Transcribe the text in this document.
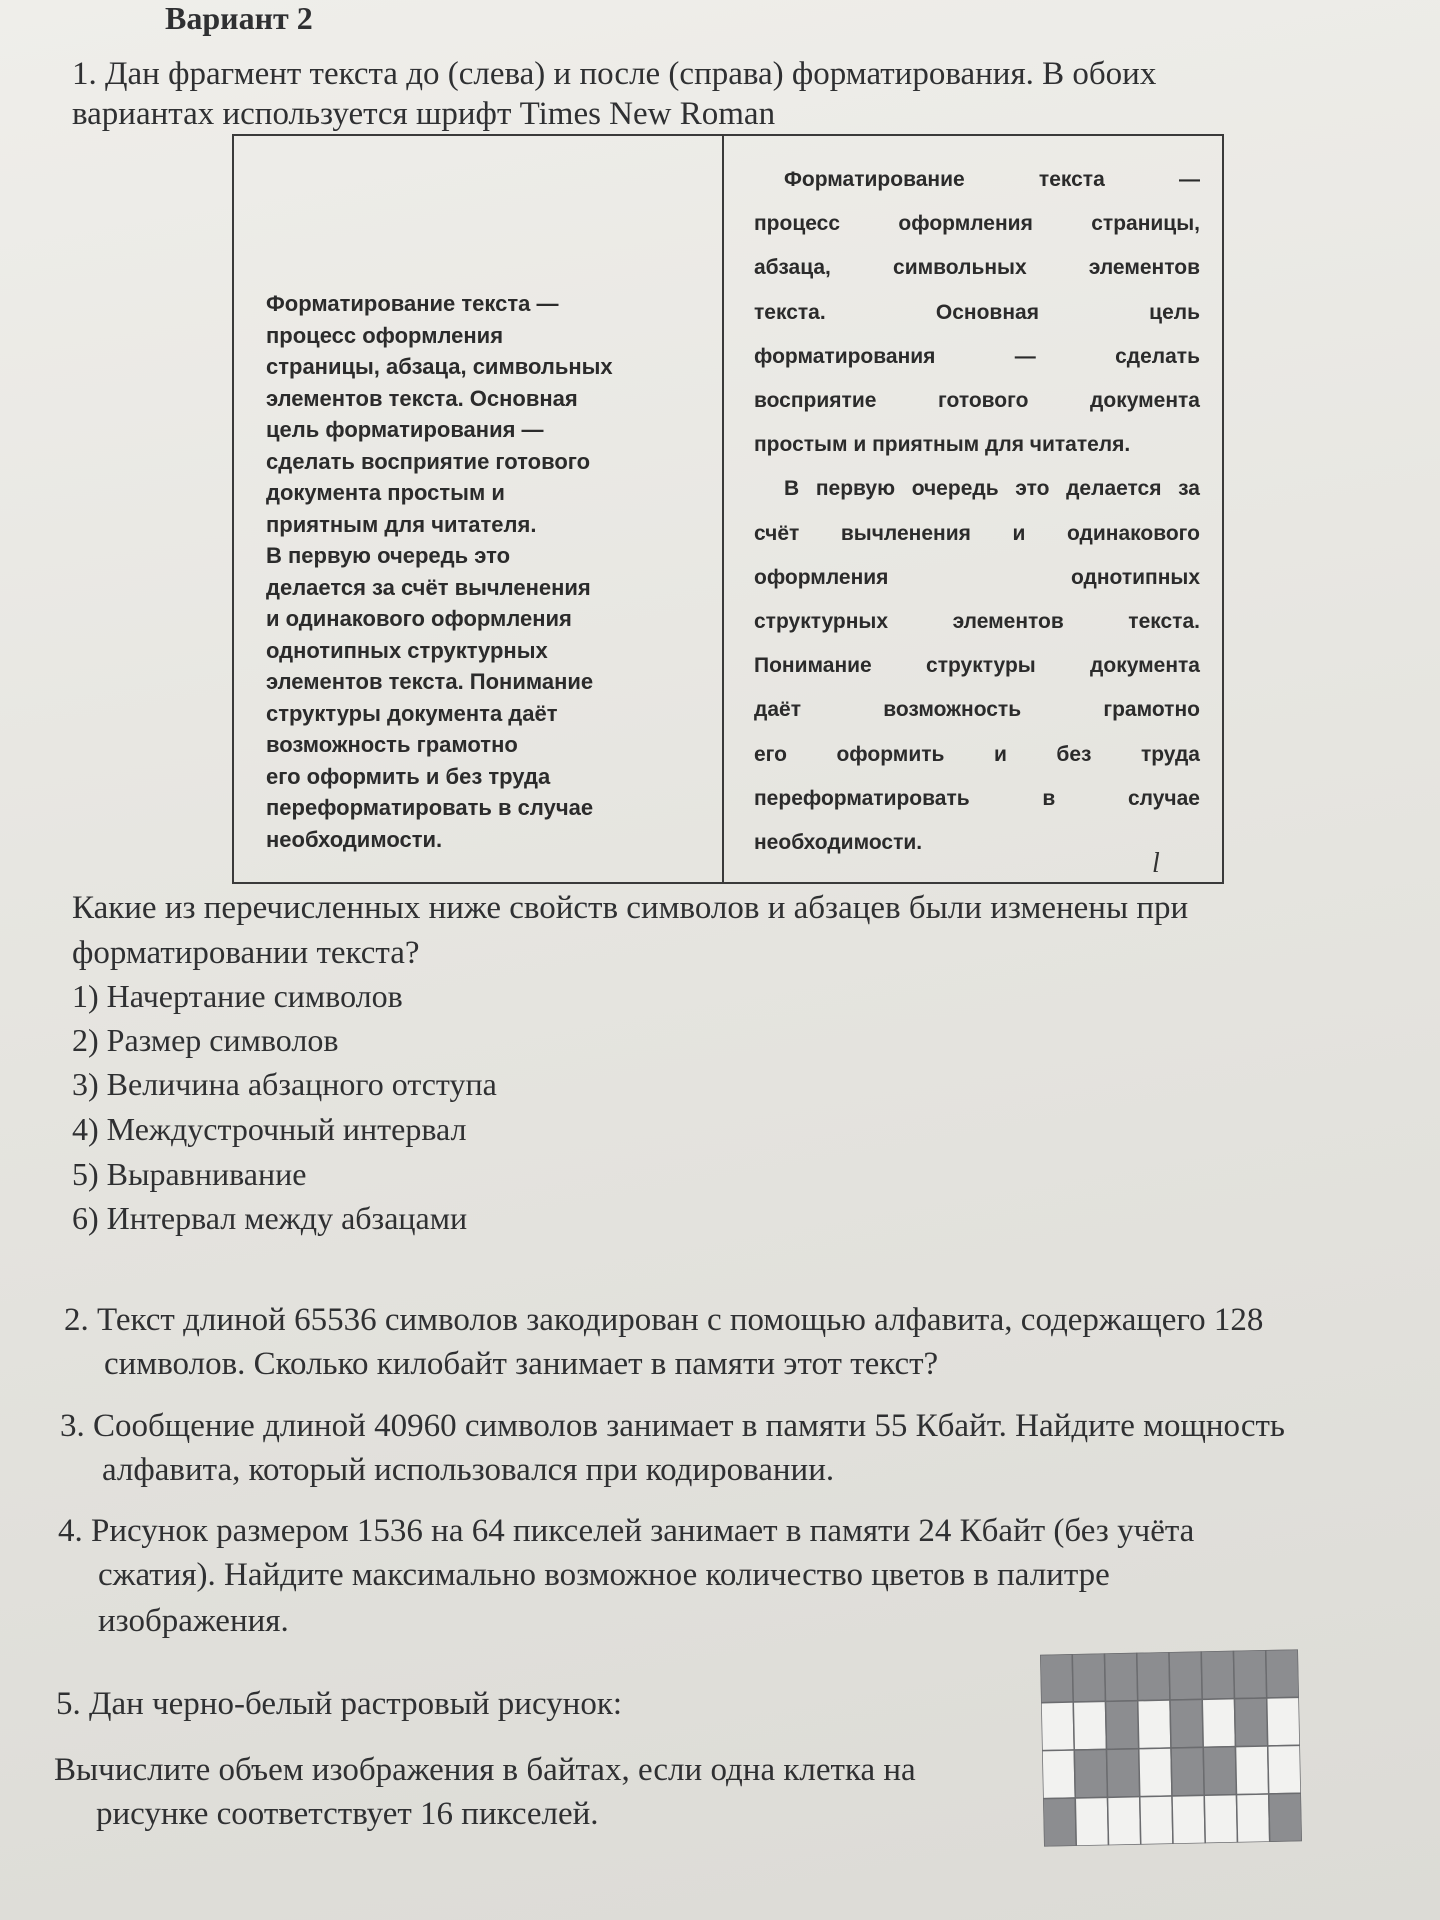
Вариант 2
1. Дан фрагмент текста до (слева) и после (справа) форматирования. В обоих
вариантах используется шрифт Times New Roman
Форматирование текста —
процесс оформления
страницы, абзаца, символьных
элементов текста. Основная
цель форматирования —
сделать восприятие готового
документа простым и
приятным для читателя.
В первую очередь это
делается за счёт вычленения
и одинакового оформления
однотипных структурных
элементов текста. Понимание
структуры документа даёт
возможность грамотно
его оформить и без труда
переформатировать в случае
необходимости.
Форматирование	текста	—
процесс	оформления	страницы,
абзаца,	символьных	элементов
текста.	Основная	цель
форматирования	—	сделать
восприятие	готового	документа
простым и приятным для читателя.
В первую очередь это делается за
счёт вычленения и одинакового
оформления	однотипных
структурных	элементов	текста.
Понимание	структуры	документа
даёт	возможность	грамотно
его оформить и без труда
переформатировать	в	случае
необходимости.
l
Какие из перечисленных ниже свойств символов и абзацев были изменены при
форматировании текста?
1) Начертание символов
2) Размер символов
3) Величина абзацного отступа
4) Междустрочный интервал
5) Выравнивание
6) Интервал между абзацами
2. Текст длиной 65536 символов закодирован с помощью алфавита, содержащего 128
символов. Сколько килобайт занимает в памяти этот текст?
3. Сообщение длиной 40960 символов занимает в памяти 55 Кбайт. Найдите мощность
алфавита, который использовался при кодировании.
4. Рисунок размером 1536 на 64 пикселей занимает в памяти 24 Кбайт (без учёта
сжатия). Найдите максимально возможное количество цветов в палитре
изображения.
5. Дан черно-белый растровый рисунок:
Вычислите объем изображения в байтах, если одна клетка на
рисунке соответствует 16 пикселей.
